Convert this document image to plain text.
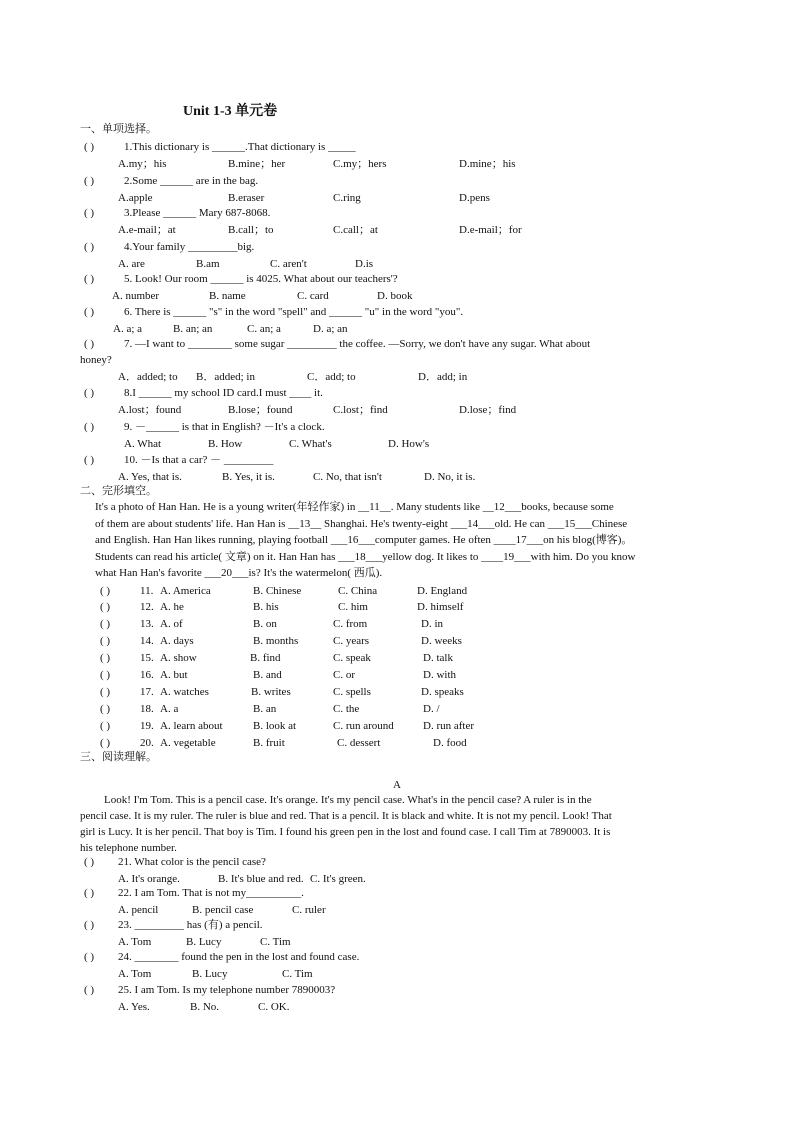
Unit 1-3 单元卷
一、单项选择。
( )	1.This dictionary is ______.That dictionary is _____
A.my；his	B.mine；her	C.my；hers	D.mine；his
( )	2.Some ______ are in the bag.
A.apple	B.eraser	C.ring	D.pens
( )	3.Please ______ Mary 687-8068.
A.e-mail；at	B.call；to	C.call；at	D.e-mail；for
( )	4.Your family _________big.
A. are	B.am	C. aren't	D.is
( )	5. Look! Our room ______ is 4025. What about our teachers'?
A. number	B. name	C. card	D. book
( )	6. There is ______ "s" in the word "spell" and ______ "u" in the word "you".
A. a; a	B. an; an	C. an; a	D. a; an
( )	7. —I want to ________ some sugar _________ the coffee. —Sorry, we don't have any sugar. What about
honey?
A．added; to B．added; in	C．add; to	D．add; in
( )	8.I ______ my school ID card.I must ____ it.
A.lost；found	B.lose；found	C.lost；find	D.lose；find
( )	9. －______ is that in English? －It's a clock.
A. What	B. How	C. What's	D. How's
( )	10. －Is that a car? － _________
A. Yes, that is.	B. Yes, it is.	C. No, that isn't	D. No, it is.
二、完形填空。
It's a photo of Han Han. He is a young writer(年轻作家) in __11__. Many students like __12___books, because some
of them are about students' life. Han Han is __13__ Shanghai. He's twenty-eight ___14___old. He can ___15___Chinese
and English. Han Han likes running, playing football ___16___computer games. He often ____17___on his blog(博客)。
Students can read his article( 文章) on it. Han Han has ___18___yellow dog. It likes to ____19___with him. Do you know
what Han Han's favorite ___20___is? It's the watermelon( 西瓜).
( )	11. A. America	B. Chinese	C. China	D. England
( )	12. A. he	B. his	C. him	D. himself
( )	13. A. of	B. on	C. from	D. in
( )	14. A. days	B. months	C. years	D. weeks
( )	15. A. show	B. find	C. speak	D. talk
( )	16. A. but	B. and	C. or	D. with
( )	17. A. watches	B. writes	C. spells	D. speaks
( )	18. A. a	B. an	C. the	D. /
( )	19. A. learn about	B. look at	C. run around	D. run after
( )	20. A. vegetable	B. fruit	C. dessert	D. food
三、阅读理解。
A
Look! I'm Tom. This is a pencil case. It's orange. It's my pencil case. What's in the pencil case? A ruler is in the
pencil case. It is my ruler. The ruler is blue and red. That is a pencil. It is black and white. It is not my pencil. Look! That
girl is Lucy. It is her pencil. That boy is Tim. I found his green pen in the lost and found case. I call Tim at 7890003. It is
his telephone number.
( ) 21. What color is the pencil case?
A. It's orange.	B. It's blue and red. C. It's green.
( ) 22. I am Tom. That is not my__________.
A. pencil	B. pencil case	C. ruler
( ) 23. _________ has (有) a pencil.
A. Tom	B. Lucy	C. Tim
( ) 24. ________ found the pen in the lost and found case.
A. Tom	B. Lucy	C. Tim
( ) 25. I am Tom. Is my telephone number 7890003?
A. Yes.	B. No.	C. OK.
